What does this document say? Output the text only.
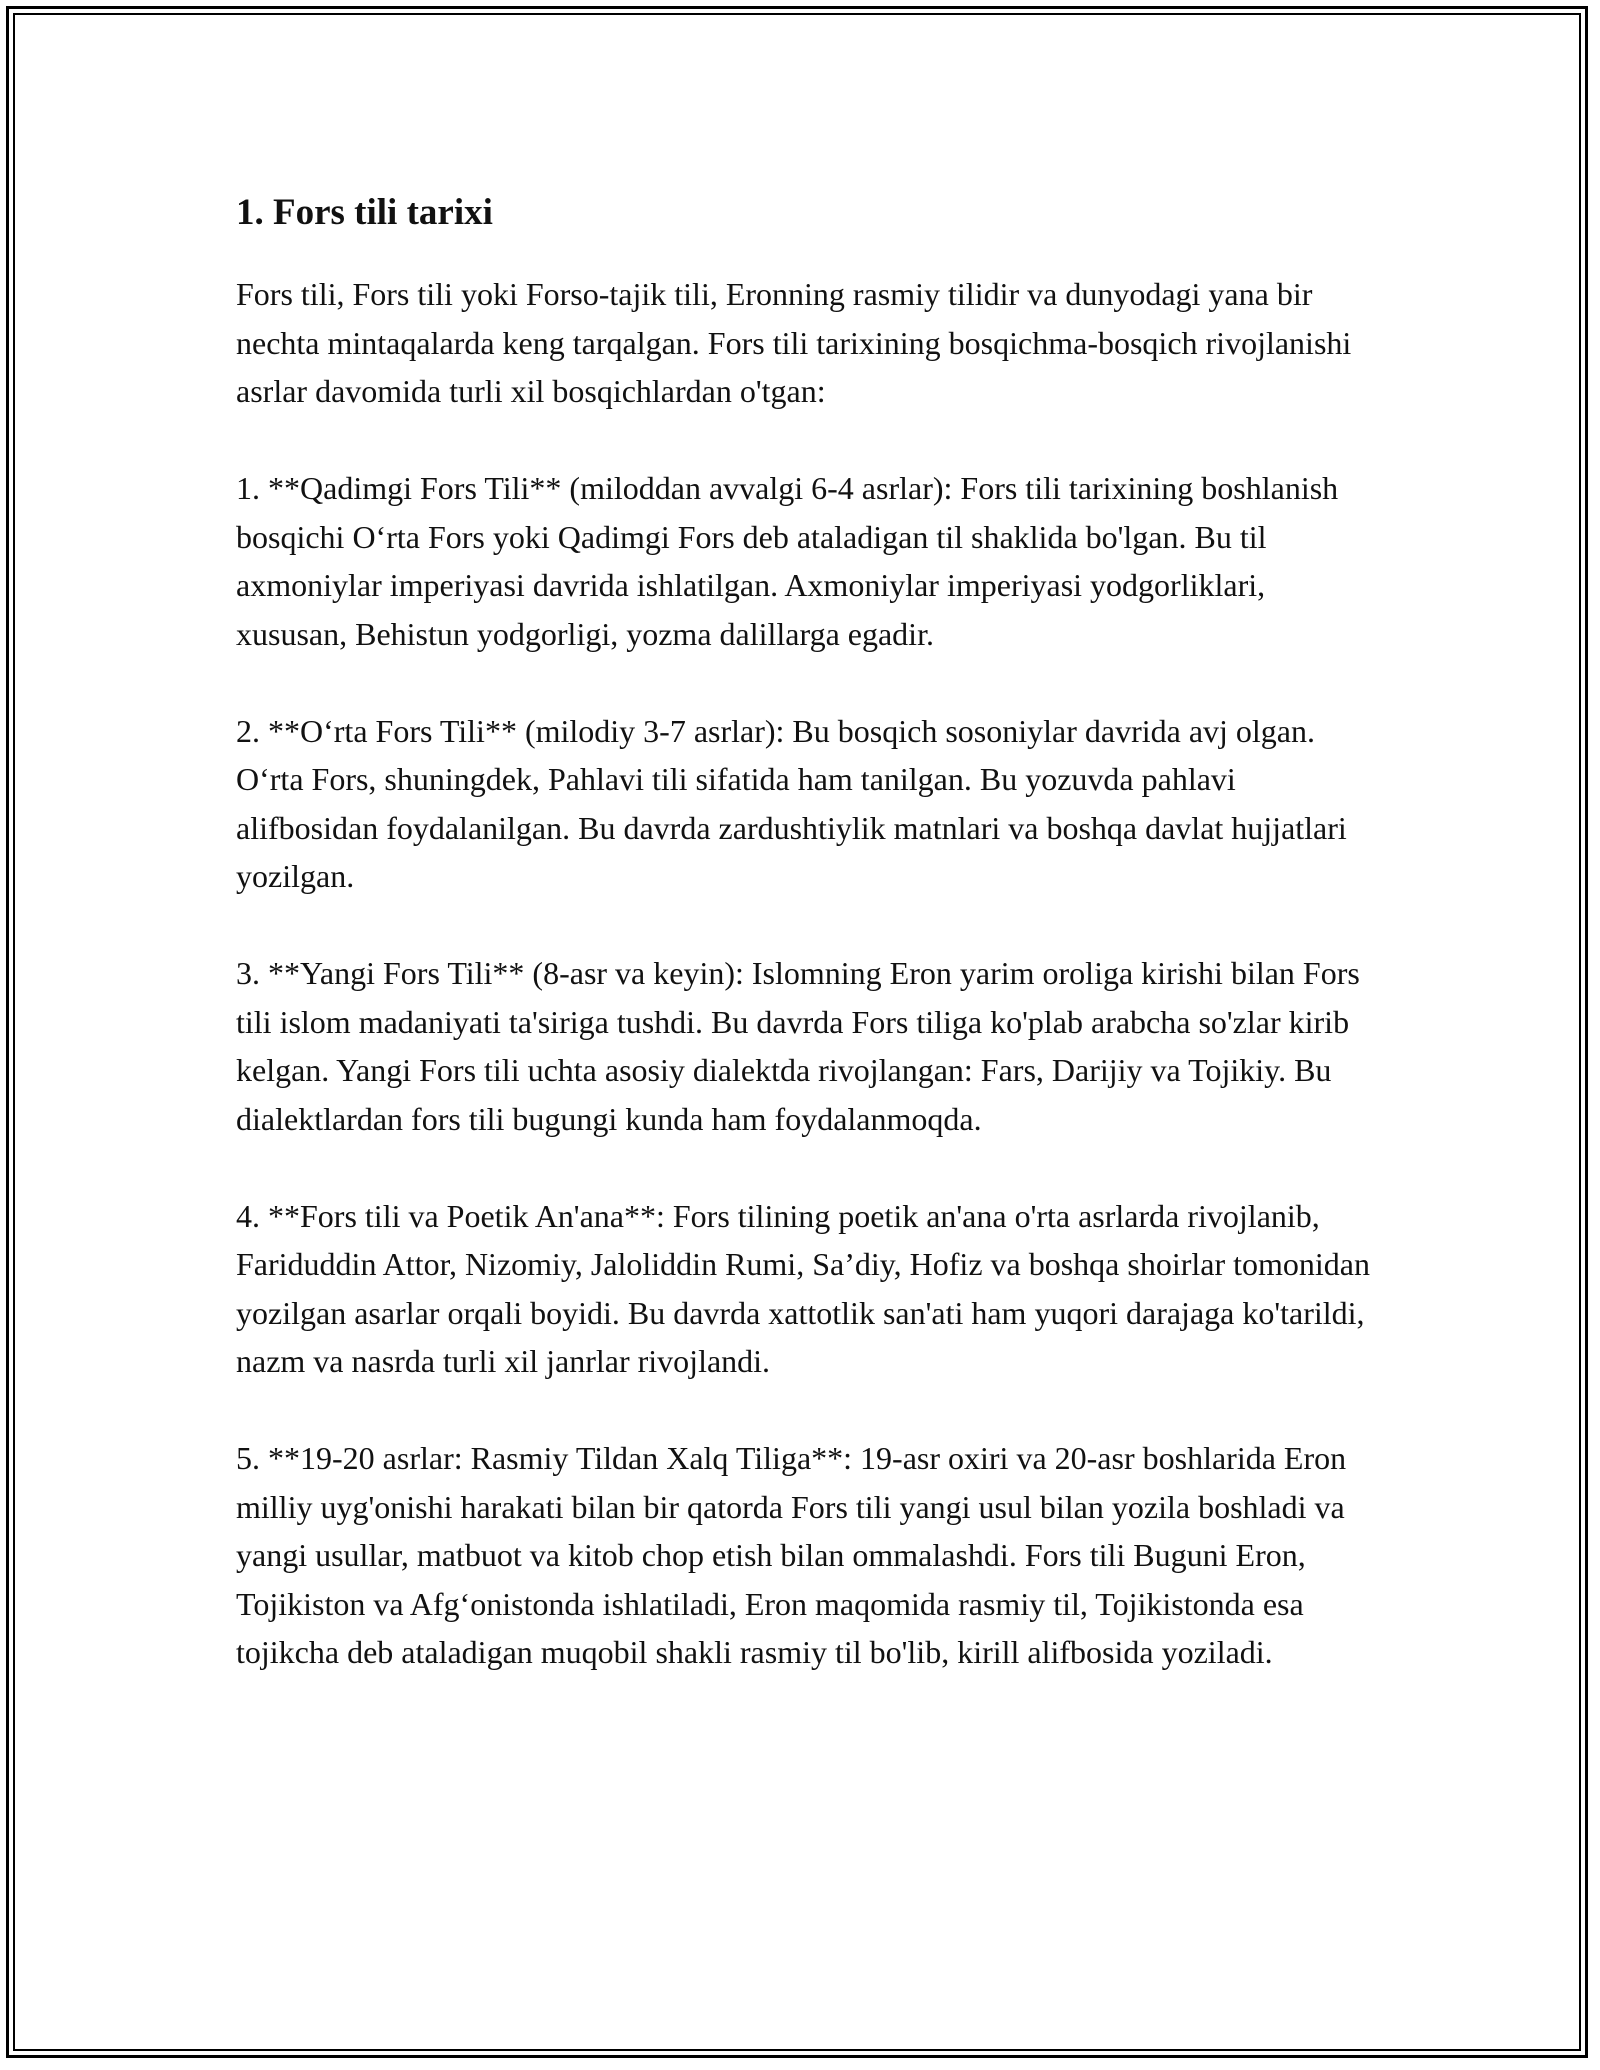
1. Fors tili tarixi

Fors tili, Fors tili yoki Forso-tajik tili, Eronning rasmiy tilidir va dunyodagi yana bir nechta mintaqalarda keng tarqalgan. Fors tili tarixining bosqichma-bosqich rivojlanishi asrlar davomida turli xil bosqichlardan o'tgan:

1. **Qadimgi Fors Tili** (miloddan avvalgi 6-4 asrlar): Fors tili tarixining boshlanish bosqichi O‘rta Fors yoki Qadimgi Fors deb ataladigan til shaklida bo'lgan. Bu til axmoniylar imperiyasi davrida ishlatilgan. Axmoniylar imperiyasi yodgorliklari, xususan, Behistun yodgorligi, yozma dalillarga egadir.

2. **O‘rta Fors Tili** (milodiy 3-7 asrlar): Bu bosqich sosoniylar davrida avj olgan. O‘rta Fors, shuningdek, Pahlavi tili sifatida ham tanilgan. Bu yozuvda pahlavi alifbosidan foydalanilgan. Bu davrda zardushtiylik matnlari va boshqa davlat hujjatlari yozilgan.

3. **Yangi Fors Tili** (8-asr va keyin): Islomning Eron yarim oroliga kirishi bilan Fors tili islom madaniyati ta'siriga tushdi. Bu davrda Fors tiliga ko'plab arabcha so'zlar kirib kelgan. Yangi Fors tili uchta asosiy dialektda rivojlangan: Fars, Darijiy va Tojikiy. Bu dialektlardan fors tili bugungi kunda ham foydalanmoqda.

4. **Fors tili va Poetik An'ana**: Fors tilining poetik an'ana o'rta asrlarda rivojlanib, Fariduddin Attor, Nizomiy, Jaloliddin Rumi, Sa’diy, Hofiz va boshqa shoirlar tomonidan yozilgan asarlar orqali boyidi. Bu davrda xattotlik san'ati ham yuqori darajaga ko'tarildi, nazm va nasrda turli xil janrlar rivojlandi.

5. **19-20 asrlar: Rasmiy Tildan Xalq Tiliga**: 19-asr oxiri va 20-asr boshlarida Eron milliy uyg'onishi harakati bilan bir qatorda Fors tili yangi usul bilan yozila boshladi va yangi usullar, matbuot va kitob chop etish bilan ommalashdi. Fors tili Buguni Eron, Tojikiston va Afg‘onistonda ishlatiladi, Eron maqomida rasmiy til, Tojikistonda esa tojikcha deb ataladigan muqobil shakli rasmiy til bo'lib, kirill alifbosida yoziladi.
